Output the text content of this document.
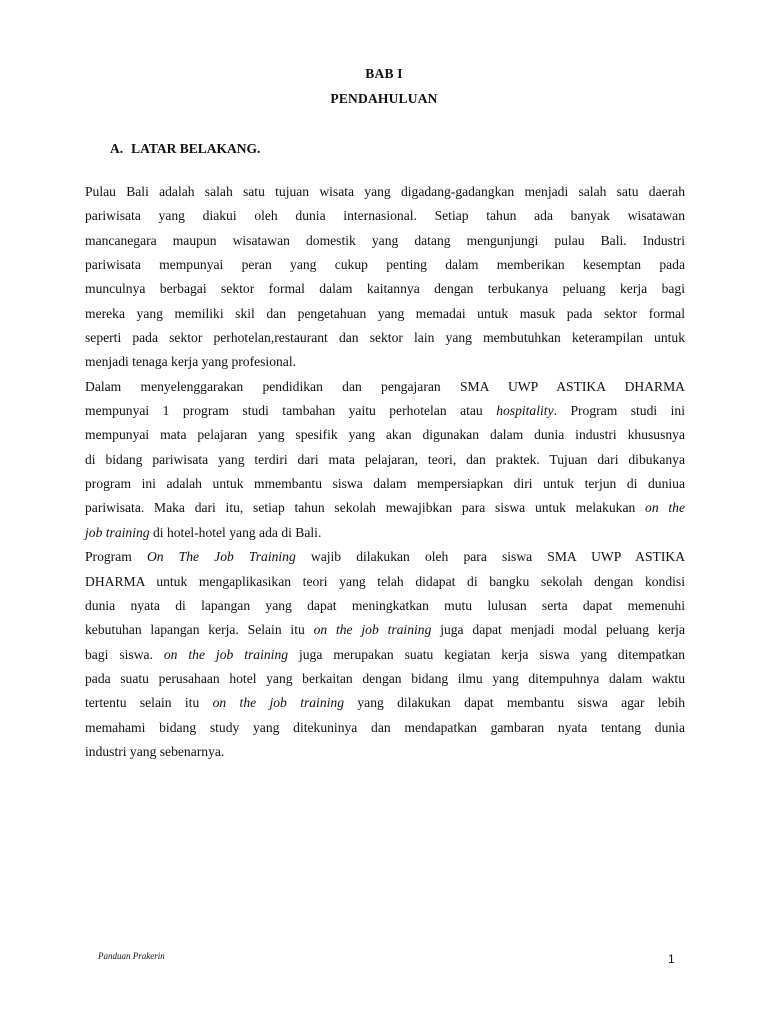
BAB I
PENDAHULUAN
A. LATAR BELAKANG.

Pulau Bali adalah salah satu tujuan wisata yang digadang-gadangkan menjadi salah satu daerah

pariwisata yang diakui oleh dunia internasional. Setiap tahun ada banyak wisatawan

mancanegara maupun wisatawan domestik yang datang mengunjungi pulau Bali. Industri

pariwisata mempunyai peran yang cukup penting dalam memberikan kesemptan pada

munculnya berbagai sektor formal dalam kaitannya dengan terbukanya peluang kerja bagi

mereka yang memiliki skil dan pengetahuan yang memadai untuk masuk pada sektor formal

seperti pada sektor perhotelan,restaurant dan sektor lain yang membutuhkan keterampilan untuk

menjadi tenaga kerja yang profesional.

Dalam menyelenggarakan pendidikan dan pengajaran SMA UWP ASTIKA DHARMA

mempunyai 1 program studi tambahan yaitu perhotelan atau hospitality. Program studi ini

mempunyai mata pelajaran yang spesifik yang akan digunakan dalam dunia industri khususnya

di bidang pariwisata yang terdiri dari mata pelajaran, teori, dan praktek. Tujuan dari dibukanya

program ini adalah untuk mmembantu siswa dalam mempersiapkan diri untuk terjun di duniua

pariwisata. Maka dari itu, setiap tahun sekolah mewajibkan para siswa untuk melakukan on the

job training di hotel-hotel yang ada di Bali.

Program On The Job Training wajib dilakukan oleh para siswa SMA UWP ASTIKA

DHARMA untuk mengaplikasikan teori yang telah didapat di bangku sekolah dengan kondisi

dunia nyata di lapangan yang dapat meningkatkan mutu lulusan serta dapat memenuhi

kebutuhan lapangan kerja. Selain itu on the job training juga dapat menjadi modal peluang kerja

bagi siswa. on the job training juga merupakan suatu kegiatan kerja siswa yang ditempatkan

pada suatu perusahaan hotel yang berkaitan dengan bidang ilmu yang ditempuhnya dalam waktu

tertentu selain itu on the job training yang dilakukan dapat membantu siswa agar lebih

memahami bidang study yang ditekuninya dan mendapatkan gambaran nyata tentang dunia

industri yang sebenarnya.

Panduan Prakerin	1
